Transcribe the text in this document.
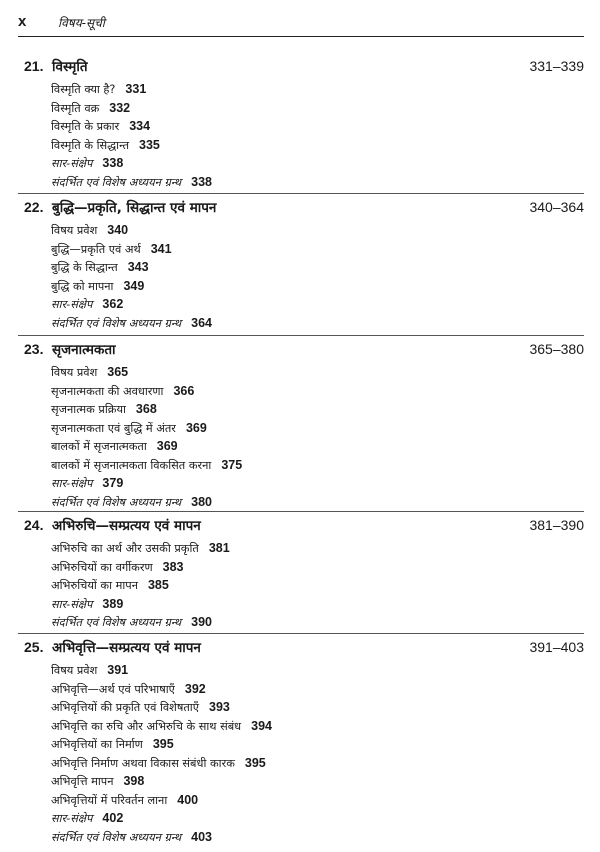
x	विषय-सूची
21. विस्मृति	331–339
विस्मृति क्या है? 331
विस्मृति वक्र 332
विस्मृति के प्रकार 334
विस्मृति के सिद्धान्त 335
सार-संक्षेप 338
संदर्भित एवं विशेष अध्ययन ग्रन्थ 338
22. बुद्धि—प्रकृति, सिद्धान्त एवं मापन	340–364
विषय प्रवेश 340
बुद्धि—प्रकृति एवं अर्थ 341
बुद्धि के सिद्धान्त 343
बुद्धि को मापना 349
सार-संक्षेप 362
संदर्भित एवं विशेष अध्ययन ग्रन्थ 364
23. सृजनात्मकता	365–380
विषय प्रवेश 365
सृजनात्मकता की अवधारणा 366
सृजनात्मक प्रक्रिया 368
सृजनात्मकता एवं बुद्धि में अंतर 369
बालकों में सृजनात्मकता 369
बालकों में सृजनात्मकता विकसित करना 375
सार-संक्षेप 379
संदर्भित एवं विशेष अध्ययन ग्रन्थ 380
24. अभिरुचि—सम्प्रत्यय एवं मापन	381–390
अभिरुचि का अर्थ और उसकी प्रकृति 381
अभिरुचियों का वर्गीकरण 383
अभिरुचियों का मापन 385
सार-संक्षेप 389
संदर्भित एवं विशेष अध्ययन ग्रन्थ 390
25. अभिवृत्ति—सम्प्रत्यय एवं मापन	391–403
विषय प्रवेश 391
अभिवृत्ति—अर्थ एवं परिभाषाएँ 392
अभिवृत्तियों की प्रकृति एवं विशेषताएँ 393
अभिवृत्ति का रुचि और अभिरुचि के साथ संबंध 394
अभिवृत्तियों का निर्माण 395
अभिवृत्ति निर्माण अथवा विकास संबंधी कारक 395
अभिवृत्ति मापन 398
अभिवृत्तियों में परिवर्तन लाना 400
सार-संक्षेप 402
संदर्भित एवं विशेष अध्ययन ग्रन्थ 403
